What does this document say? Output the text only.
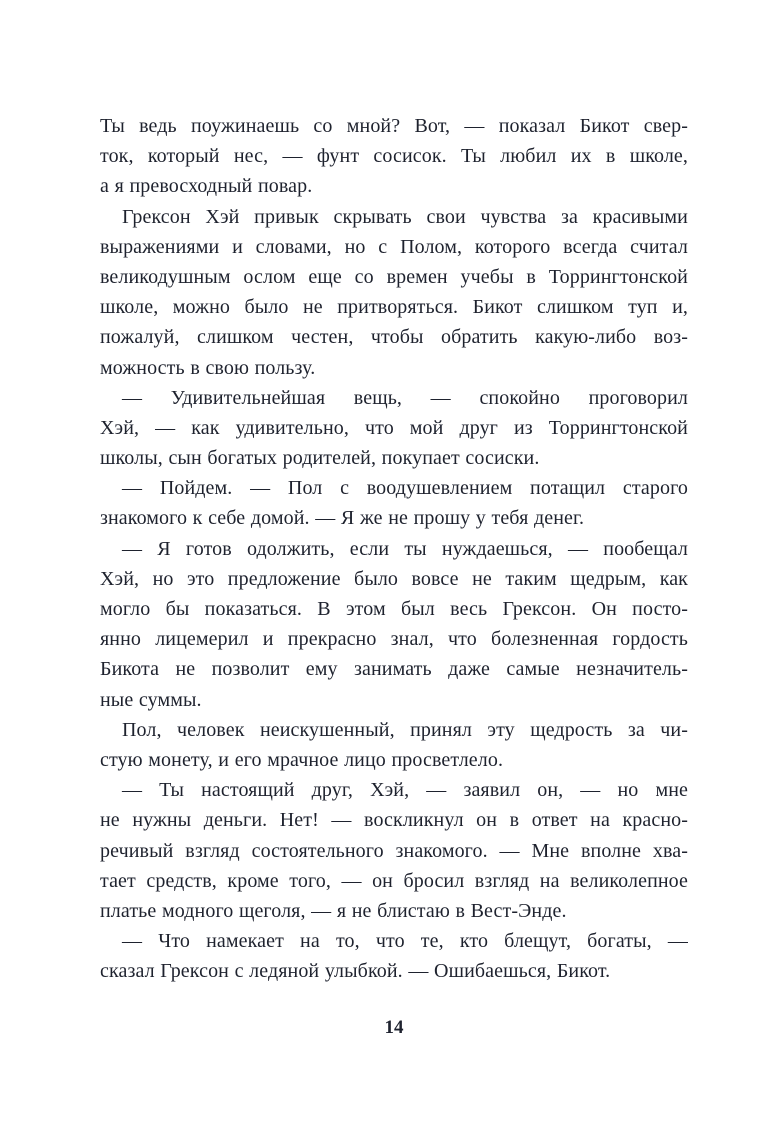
Ты ведь поужинаешь со мной? Вот, — показал Бикот свер-
ток, который нес, — фунт сосисок. Ты любил их в школе,
а я превосходный повар.
Грексон Хэй привык скрывать свои чувства за красивыми
выражениями и словами, но с Полом, которого всегда считал
великодушным ослом еще со времен учебы в Торрингтонской
школе, можно было не притворяться. Бикот слишком туп и,
пожалуй, слишком честен, чтобы обратить какую-либо воз-
можность в свою пользу.
— Удивительнейшая вещь, — спокойно проговорил
Хэй, — как удивительно, что мой друг из Торрингтонской
школы, сын богатых родителей, покупает сосиски.
— Пойдем. — Пол с воодушевлением потащил старого
знакомого к себе домой. — Я же не прошу у тебя денег.
— Я готов одолжить, если ты нуждаешься, — пообещал
Хэй, но это предложение было вовсе не таким щедрым, как
могло бы показаться. В этом был весь Грексон. Он посто-
янно лицемерил и прекрасно знал, что болезненная гордость
Бикота не позволит ему занимать даже самые незначитель-
ные суммы.
Пол, человек неискушенный, принял эту щедрость за чи-
стую монету, и его мрачное лицо просветлело.
— Ты настоящий друг, Хэй, — заявил он, — но мне
не нужны деньги. Нет! — воскликнул он в ответ на красно-
речивый взгляд состоятельного знакомого. — Мне вполне хва-
тает средств, кроме того, — он бросил взгляд на великолепное
платье модного щеголя, — я не блистаю в Вест-Энде.
— Что намекает на то, что те, кто блещут, богаты, —
сказал Грексон с ледяной улыбкой. — Ошибаешься, Бикот.
14
